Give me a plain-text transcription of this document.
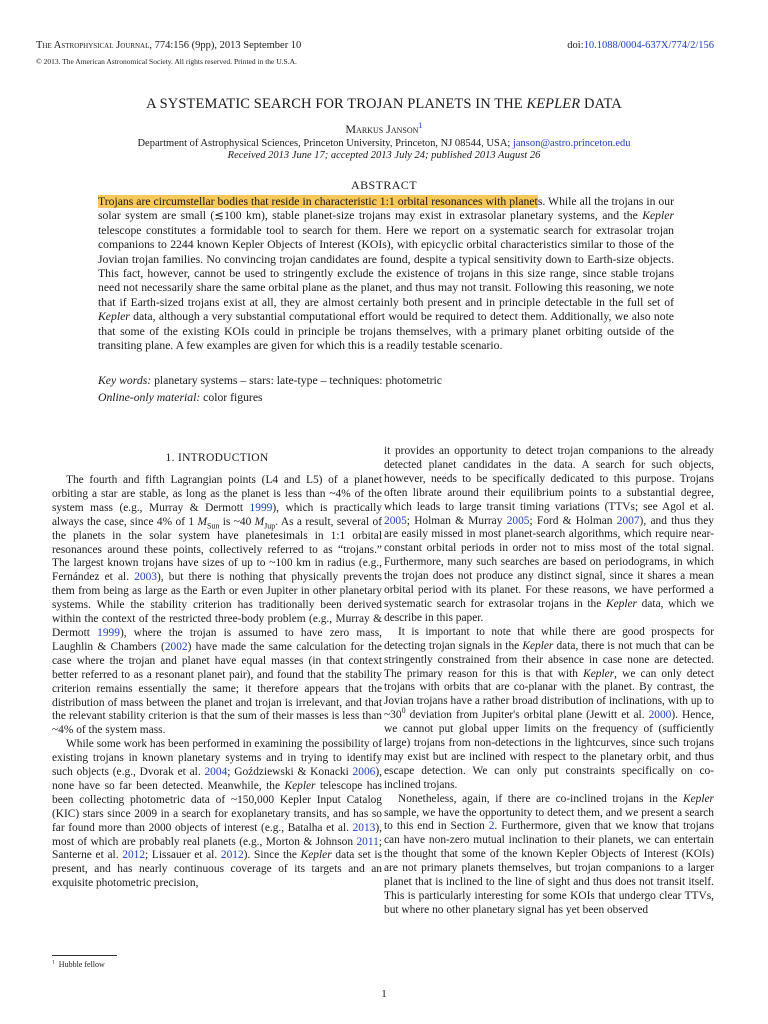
The Astrophysical Journal, 774:156 (9pp), 2013 September 10
© 2013. The American Astronomical Society. All rights reserved. Printed in the U.S.A.
doi:10.1088/0004-637X/774/2/156
A SYSTEMATIC SEARCH FOR TROJAN PLANETS IN THE KEPLER DATA
Markus Janson$^1$
Department of Astrophysical Sciences, Princeton University, Princeton, NJ 08544, USA; janson@astro.princeton.edu
Received 2013 June 17; accepted 2013 July 24; published 2013 August 26
ABSTRACT
Trojans are circumstellar bodies that reside in characteristic 1:1 orbital resonances with planets. While all the trojans in our solar system are small (≲100 km), stable planet-size trojans may exist in extrasolar planetary systems, and the Kepler telescope constitutes a formidable tool to search for them. Here we report on a systematic search for extrasolar trojan companions to 2244 known Kepler Objects of Interest (KOIs), with epicyclic orbital characteristics similar to those of the Jovian trojan families. No convincing trojan candidates are found, despite a typical sensitivity down to Earth-size objects. This fact, however, cannot be used to stringently exclude the existence of trojans in this size range, since stable trojans need not necessarily share the same orbital plane as the planet, and thus may not transit. Following this reasoning, we note that if Earth-sized trojans exist at all, they are almost certainly both present and in principle detectable in the full set of Kepler data, although a very substantial computational effort would be required to detect them. Additionally, we also note that some of the existing KOIs could in principle be trojans themselves, with a primary planet orbiting outside of the transiting plane. A few examples are given for which this is a readily testable scenario.
Key words: planetary systems – stars: late-type – techniques: photometric
Online-only material: color figures
1. INTRODUCTION

The fourth and fifth Lagrangian points (L4 and L5) of a planet orbiting a star are stable, as long as the planet is less than ~4% of the system mass (e.g., Murray & Dermott 1999), which is practically always the case, since 4% of 1 $M_{Sun}$ is ~40 $M_{Jup}$. As a result, several of the planets in the solar system have planetesimals in 1:1 orbital resonances around these points, collectively referred to as “trojans.” The largest known trojans have sizes of up to ~100 km in radius (e.g., Fernández et al. 2003), but there is nothing that physically prevents them from being as large as the Earth or even Jupiter in other planetary systems. While the stability criterion has traditionally been derived within the context of the restricted three-body problem (e.g., Murray & Dermott 1999), where the trojan is assumed to have zero mass, Laughlin & Chambers (2002) have made the same calculation for the case where the trojan and planet have equal masses (in that context better referred to as a resonant planet pair), and found that the stability criterion remains essentially the same; it therefore appears that the distribution of mass between the planet and trojan is irrelevant, and that the relevant stability criterion is that the sum of their masses is less than ~4% of the system mass.

While some work has been performed in examining the possibility of existing trojans in known planetary systems and in trying to identify such objects (e.g., Dvorak et al. 2004; Goździewski & Konacki 2006), none have so far been detected. Meanwhile, the Kepler telescope has been collecting photometric data of ~150,000 Kepler Input Catalog (KIC) stars since 2009 in a search for exoplanetary transits, and has so far found more than 2000 objects of interest (e.g., Batalha et al. 2013), most of which are probably real planets (e.g., Morton & Johnson 2011; Santerne et al. 2012; Lissauer et al. 2012). Since the Kepler data set is present, and has nearly continuous coverage of its targets and an exquisite photometric precision,

it provides an opportunity to detect trojan companions to the already detected planet candidates in the data. A search for such objects, however, needs to be specifically dedicated to this purpose. Trojans often librate around their equilibrium points to a substantial degree, which leads to large transit timing variations (TTVs; see Agol et al. 2005; Holman & Murray 2005; Ford & Holman 2007), and thus they are easily missed in most planet-search algorithms, which require near-constant orbital periods in order not to miss most of the total signal. Furthermore, many such searches are based on periodograms, in which the trojan does not produce any distinct signal, since it shares a mean orbital period with its planet. For these reasons, we have performed a systematic search for extrasolar trojans in the Kepler data, which we describe in this paper.

It is important to note that while there are good prospects for detecting trojan signals in the Kepler data, there is not much that can be stringently constrained from their absence in case none are detected. The primary reason for this is that with Kepler, we can only detect trojans with orbits that are co-planar with the planet. By contrast, the Jovian trojans have a rather broad distribution of inclinations, with up to $\sim 30^0$ deviation from Jupiter's orbital plane (Jewitt et al. 2000). Hence, we cannot put global upper limits on the frequency of (sufficiently large) trojans from non-detections in the lightcurves, since such trojans may exist but are inclined with respect to the planetary orbit, and thus escape detection. We can only put constraints specifically on co-inclined trojans.

Nonetheless, again, if there are co-inclined trojans in the Kepler sample, we have the opportunity to detect them, and we present a search to this end in Section 2. Furthermore, given that we know that trojans can have non-zero mutual inclination to their planets, we can entertain the thought that some of the known Kepler Objects of Interest (KOIs) are not primary planets themselves, but trojan companions to a larger planet that is inclined to the line of sight and thus does not transit itself. This is particularly interesting for some KOIs that undergo clear TTVs, but where no other planetary signal has yet been observed

$^1$ Hubble fellow
1
